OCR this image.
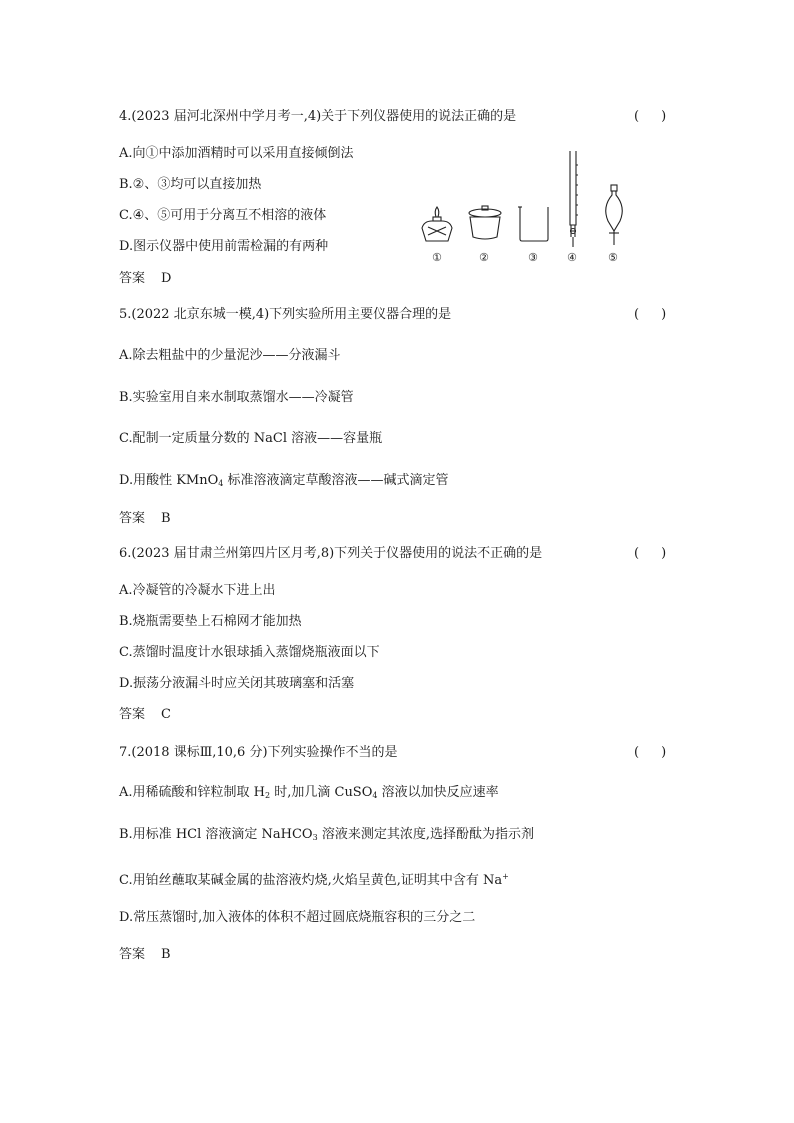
4.(2023 届河北深州中学月考一,4)关于下列仪器使用的说法正确的是	( )
A.向①中添加酒精时可以采用直接倾倒法
B.②、③均可以直接加热
C.④、⑤可用于分离互不相溶的液体
D.图示仪器中使用前需检漏的有两种
答案 D
①	②	③	④	⑤
5.(2022 北京东城一模,4)下列实验所用主要仪器合理的是	( )
A.除去粗盐中的少量泥沙——分液漏斗
B.实验室用自来水制取蒸馏水——冷凝管
C.配制一定质量分数的 NaCl 溶液——容量瓶
D.用酸性 KMnO$_4$ 标准溶液滴定草酸溶液——碱式滴定管
答案 B
6.(2023 届甘肃兰州第四片区月考,8)下列关于仪器使用的说法不正确的是	( )
A.冷凝管的冷凝水下进上出
B.烧瓶需要垫上石棉网才能加热
C.蒸馏时温度计水银球插入蒸馏烧瓶液面以下
D.振荡分液漏斗时应关闭其玻璃塞和活塞
答案 C
7.(2018 课标Ⅲ,10,6 分)下列实验操作不当的是	( )
A.用稀硫酸和锌粒制取 $H_2$ 时,加几滴 CuSO$_4$ 溶液以加快反应速率
B.用标准 HCl 溶液滴定 NaHCO$_3$ 溶液来测定其浓度,选择酚酞为指示剂
C.用铂丝蘸取某碱金属的盐溶液灼烧,火焰呈黄色,证明其中含有 Na+
D.常压蒸馏时,加入液体的体积不超过圆底烧瓶容积的三分之二
答案 B
